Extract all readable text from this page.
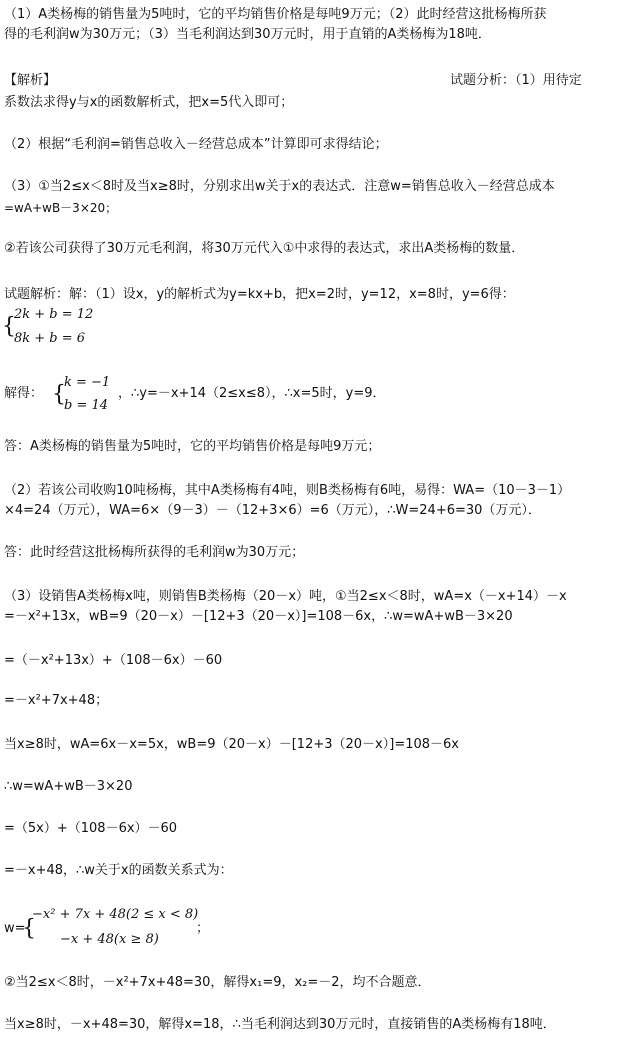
（1）A类杨梅的销售量为5吨时，它的平均销售价格是每吨9万元；（2）此时经营这批杨梅所获
得的毛利润w为30万元；（3）当毛利润达到30万元时，用于直销的A类杨梅为18吨．
【解析】	试题分析：（1）用待定
系数法求得y与x的函数解析式，把x=5代入即可；
（2）根据“毛利润=销售总收入－经营总成本”计算即可求得结论；
（3）①当2≤x＜8时及当x≥8时，分别求出w关于x的表达式．注意w=销售总收入－经营总成本
=wA+wB－3×20；
②若该公司获得了30万元毛利润，将30万元代入①中求得的表达式，求出A类杨梅的数量．
试题解析：解：（1）设x，y的解析式为y=kx+b，把x=2时，y=12，x=8时，y=6得：
{
2k + b = 12
8k + b = 6
解得： {
k = −1
b = 14
，∴y=－x+14（2≤x≤8），∴x=5时，y=9．
答：A类杨梅的销售量为5吨时，它的平均销售价格是每吨9万元；
（2）若该公司收购10吨杨梅，其中A类杨梅有4吨，则B类杨梅有6吨，易得：WA=（10－3－1）
×4=24（万元），WA=6×（9－3）－（12+3×6）=6（万元），∴W=24+6=30（万元）．
答：此时经营这批杨梅所获得的毛利润w为30万元；
（3）设销售A类杨梅x吨，则销售B类杨梅（20－x）吨，①当2≤x＜8时，wA=x（－x+14）－x
=－x²+13x，wB=9（20－x）－[12+3（20－x）]=108－6x，∴w=wA+wB－3×20
=（－x²+13x）+（108－6x）－60
=－x²+7x+48；
当x≥8时，wA=6x－x=5x，wB=9（20－x）－[12+3（20－x）]=108－6x
∴w=wA+wB－3×20
=（5x）+（108－6x）－60
=－x+48，∴w关于x的函数关系式为：
w=
{
−x² + 7x + 48(2 ≤ x < 8)
−x + 48(x ≥ 8)
；
②当2≤x＜8时，－x²+7x+48=30，解得x₁=9，x₂=－2，均不合题意．
当x≥8时，－x+48=30，解得x=18，∴当毛利润达到30万元时，直接销售的A类杨梅有18吨．
